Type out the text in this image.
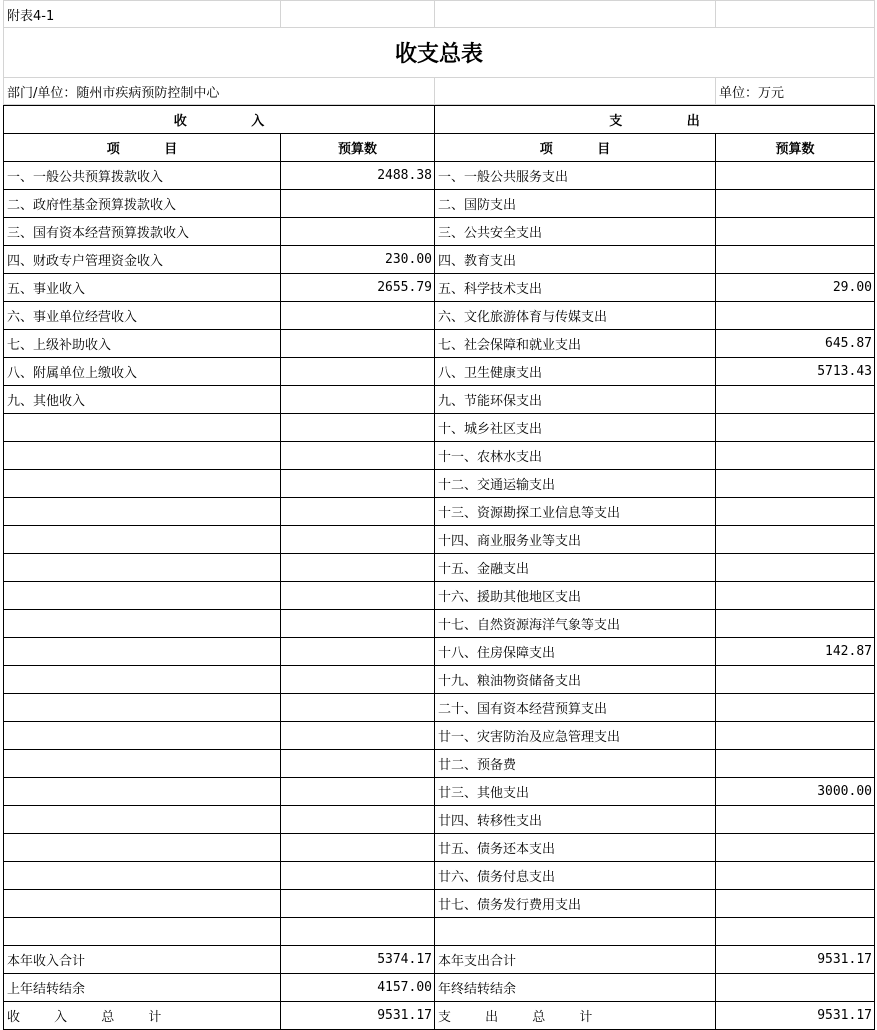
附表4-1			
收支总表			
部门/单位：随州市疾病预防控制中心			单位：万元
收 入		支 出	
项 目	预算数	项 目	预算数
一、一般公共预算拨款收入	2488.38	一、一般公共服务支出	
二、政府性基金预算拨款收入		二、国防支出	
三、国有资本经营预算拨款收入		三、公共安全支出	
四、财政专户管理资金收入	230.00	四、教育支出	
五、事业收入	2655.79	五、科学技术支出	29.00
六、事业单位经营收入		六、文化旅游体育与传媒支出	
七、上级补助收入		七、社会保障和就业支出	645.87
八、附属单位上缴收入		八、卫生健康支出	5713.43
九、其他收入		九、节能环保支出	
		十、城乡社区支出	
		十一、农林水支出	
		十二、交通运输支出	
		十三、资源勘探工业信息等支出	
		十四、商业服务业等支出	
		十五、金融支出	
		十六、援助其他地区支出	
		十七、自然资源海洋气象等支出	
		十八、住房保障支出	142.87
		十九、粮油物资储备支出	
		二十、国有资本经营预算支出	
		廿一、灾害防治及应急管理支出	
		廿二、预备费	
		廿三、其他支出	3000.00
		廿四、转移性支出	
		廿五、债务还本支出	
		廿六、债务付息支出	
		廿七、债务发行费用支出	

本年收入合计	5374.17	本年支出合计	9531.17
上年结转结余	4157.00	年终结转结余	
收 入 总 计	9531.17	支 出 总 计	9531.17
